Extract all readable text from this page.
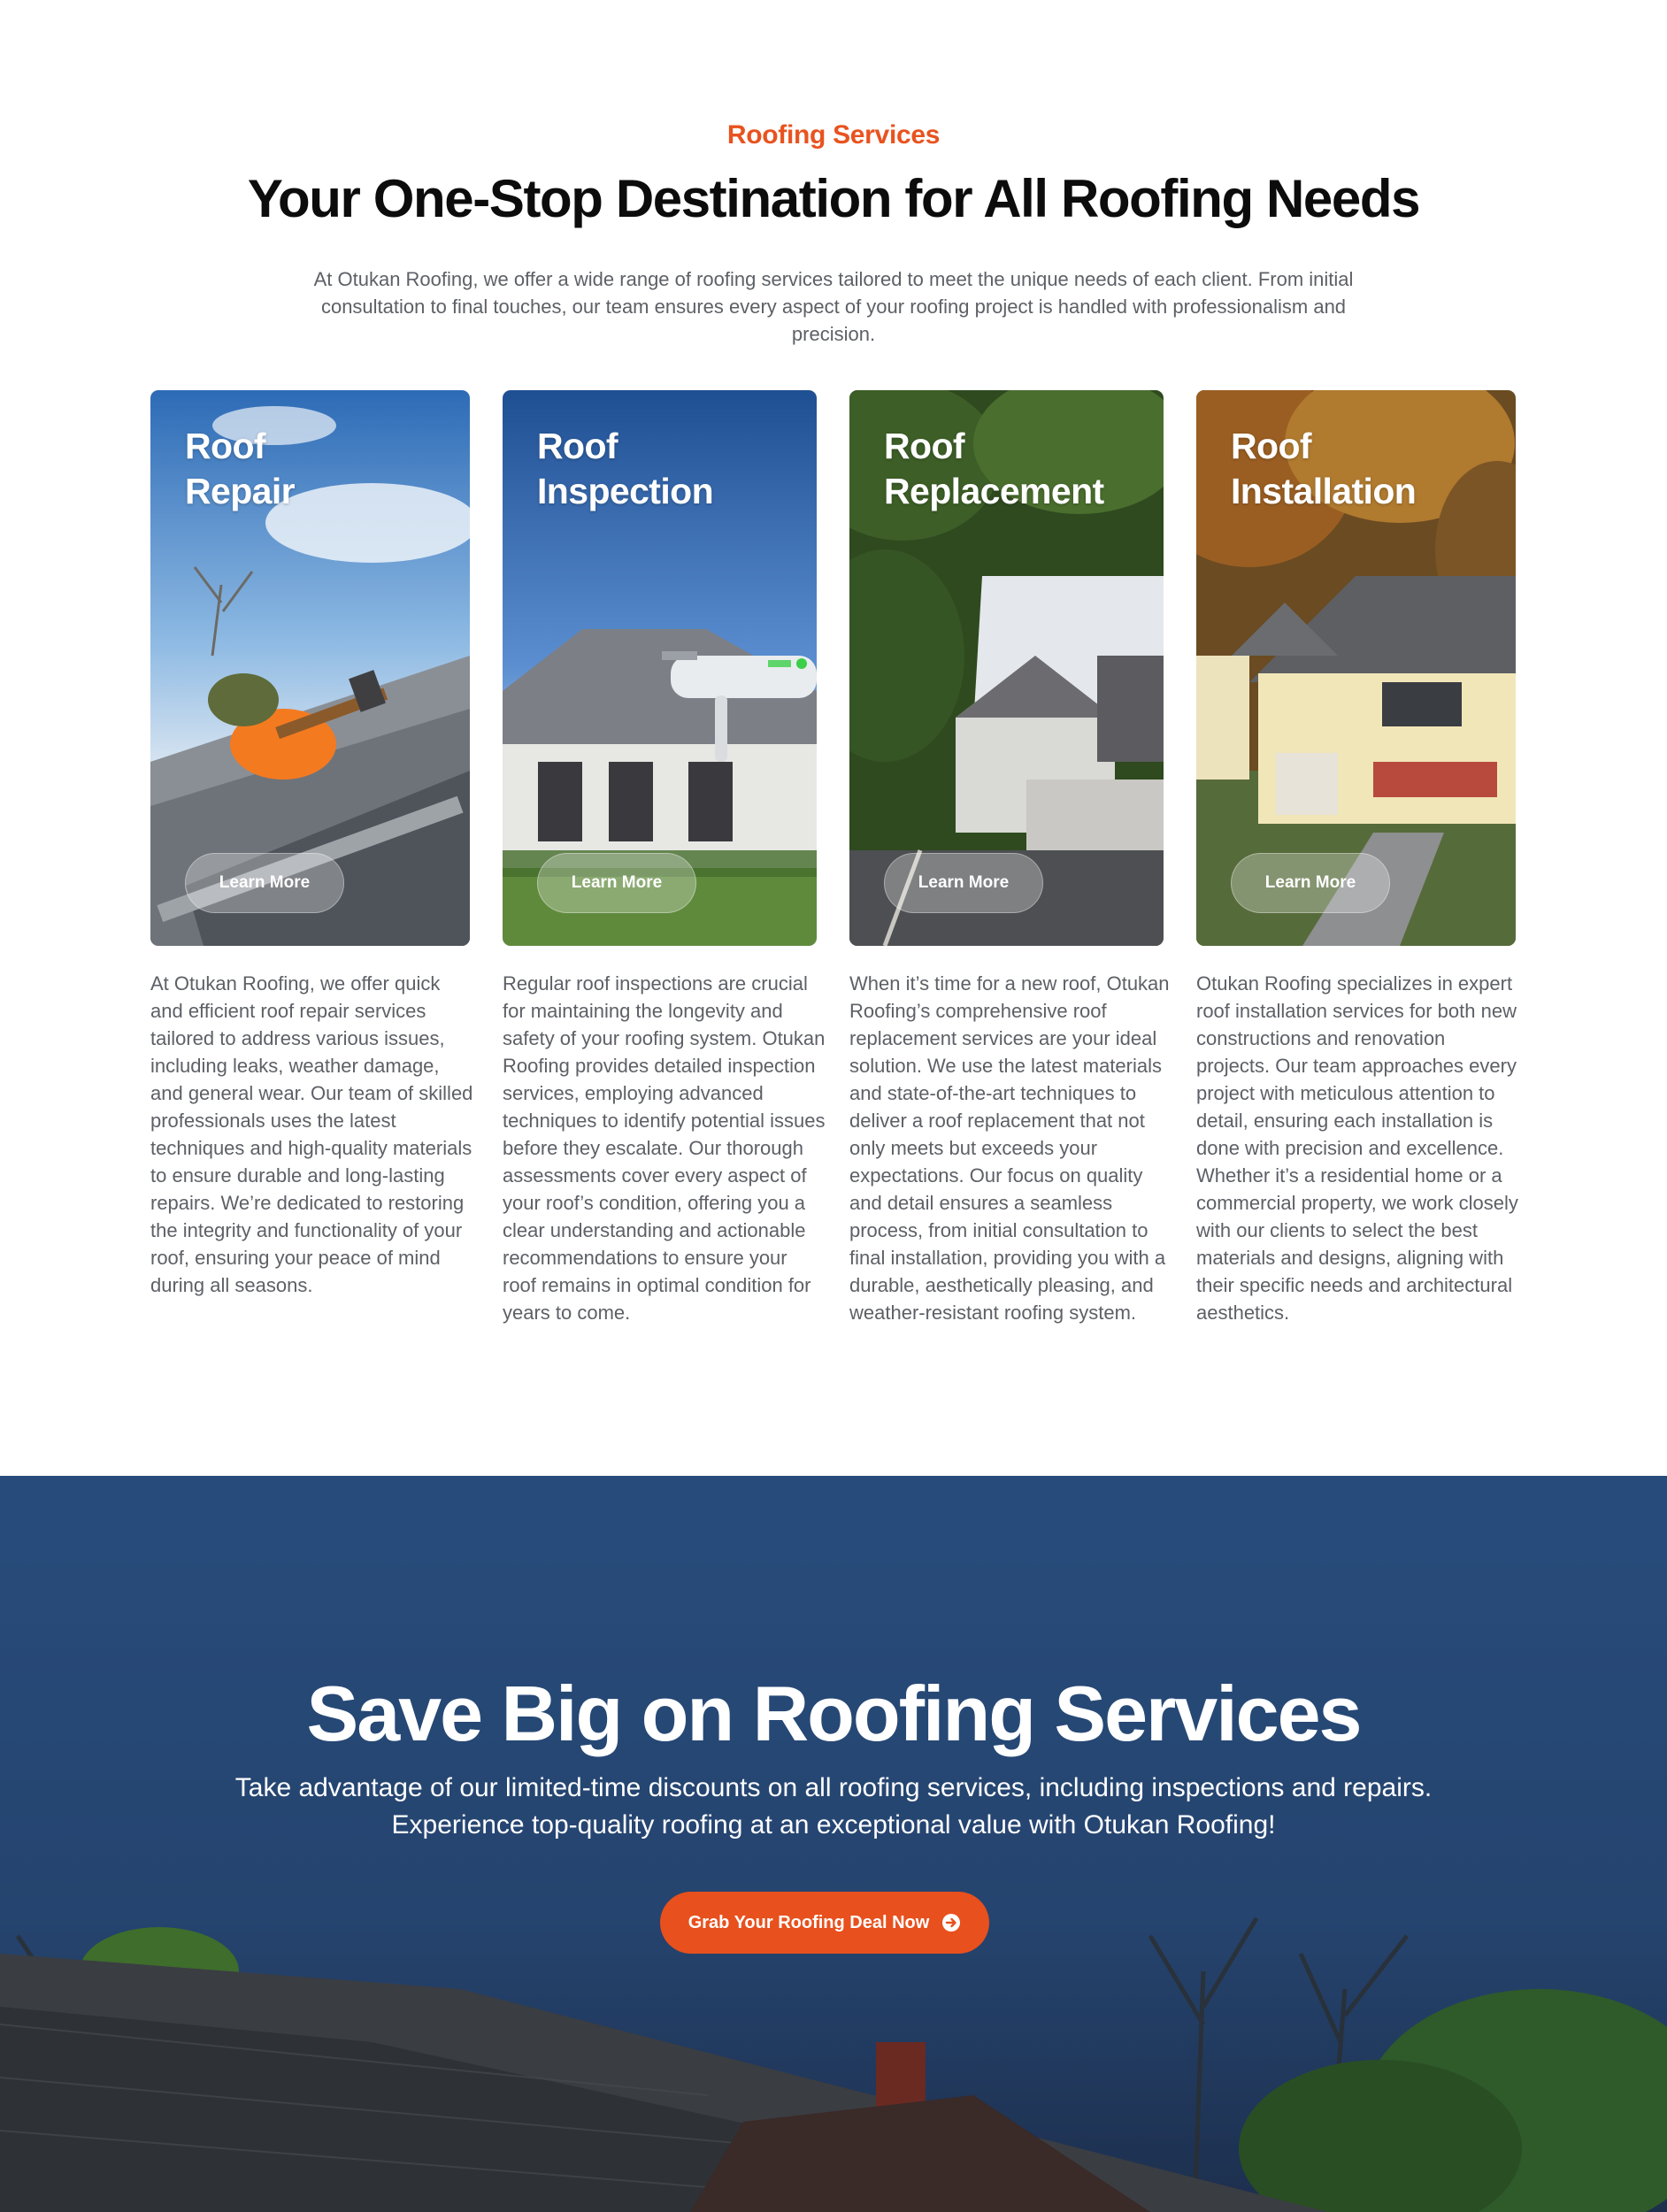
Roofing Services
Your One-Stop Destination for All Roofing Needs

At Otukan Roofing, we offer a wide range of roofing services tailored to meet the unique needs of each client. From initial consultation to final touches, our team ensures every aspect of your roofing project is handled with professionalism and precision.

Roof
Repair
Learn More
Roof
Inspection
Learn More
Roof
Replacement
Learn More
Roof
Installation
Learn More

At Otukan Roofing, we offer quick and efficient roof repair services tailored to address various issues, including leaks, weather damage, and general wear. Our team of skilled professionals uses the latest techniques and high-quality materials to ensure durable and long-lasting repairs. We’re dedicated to restoring the integrity and functionality of your roof, ensuring your peace of mind during all seasons.

Regular roof inspections are crucial for maintaining the longevity and safety of your roofing system. Otukan Roofing provides detailed inspection services, employing advanced techniques to identify potential issues before they escalate. Our thorough assessments cover every aspect of your roof’s condition, offering you a clear understanding and actionable recommendations to ensure your roof remains in optimal condition for years to come.

When it’s time for a new roof, Otukan Roofing’s comprehensive roof replacement services are your ideal solution. We use the latest materials and state-of-the-art techniques to deliver a roof replacement that not only meets but exceeds your expectations. Our focus on quality and detail ensures a seamless process, from initial consultation to final installation, providing you with a durable, aesthetically pleasing, and weather-resistant roofing system.

Otukan Roofing specializes in expert roof installation services for both new constructions and renovation projects. Our team approaches every project with meticulous attention to detail, ensuring each installation is done with precision and excellence. Whether it’s a residential home or a commercial property, we work closely with our clients to select the best materials and designs, aligning with their specific needs and architectural aesthetics.

Save Big on Roofing Services
Take advantage of our limited-time discounts on all roofing services, including inspections and repairs.
Experience top-quality roofing at an exceptional value with Otukan Roofing!
Grab Your Roofing Deal Now
